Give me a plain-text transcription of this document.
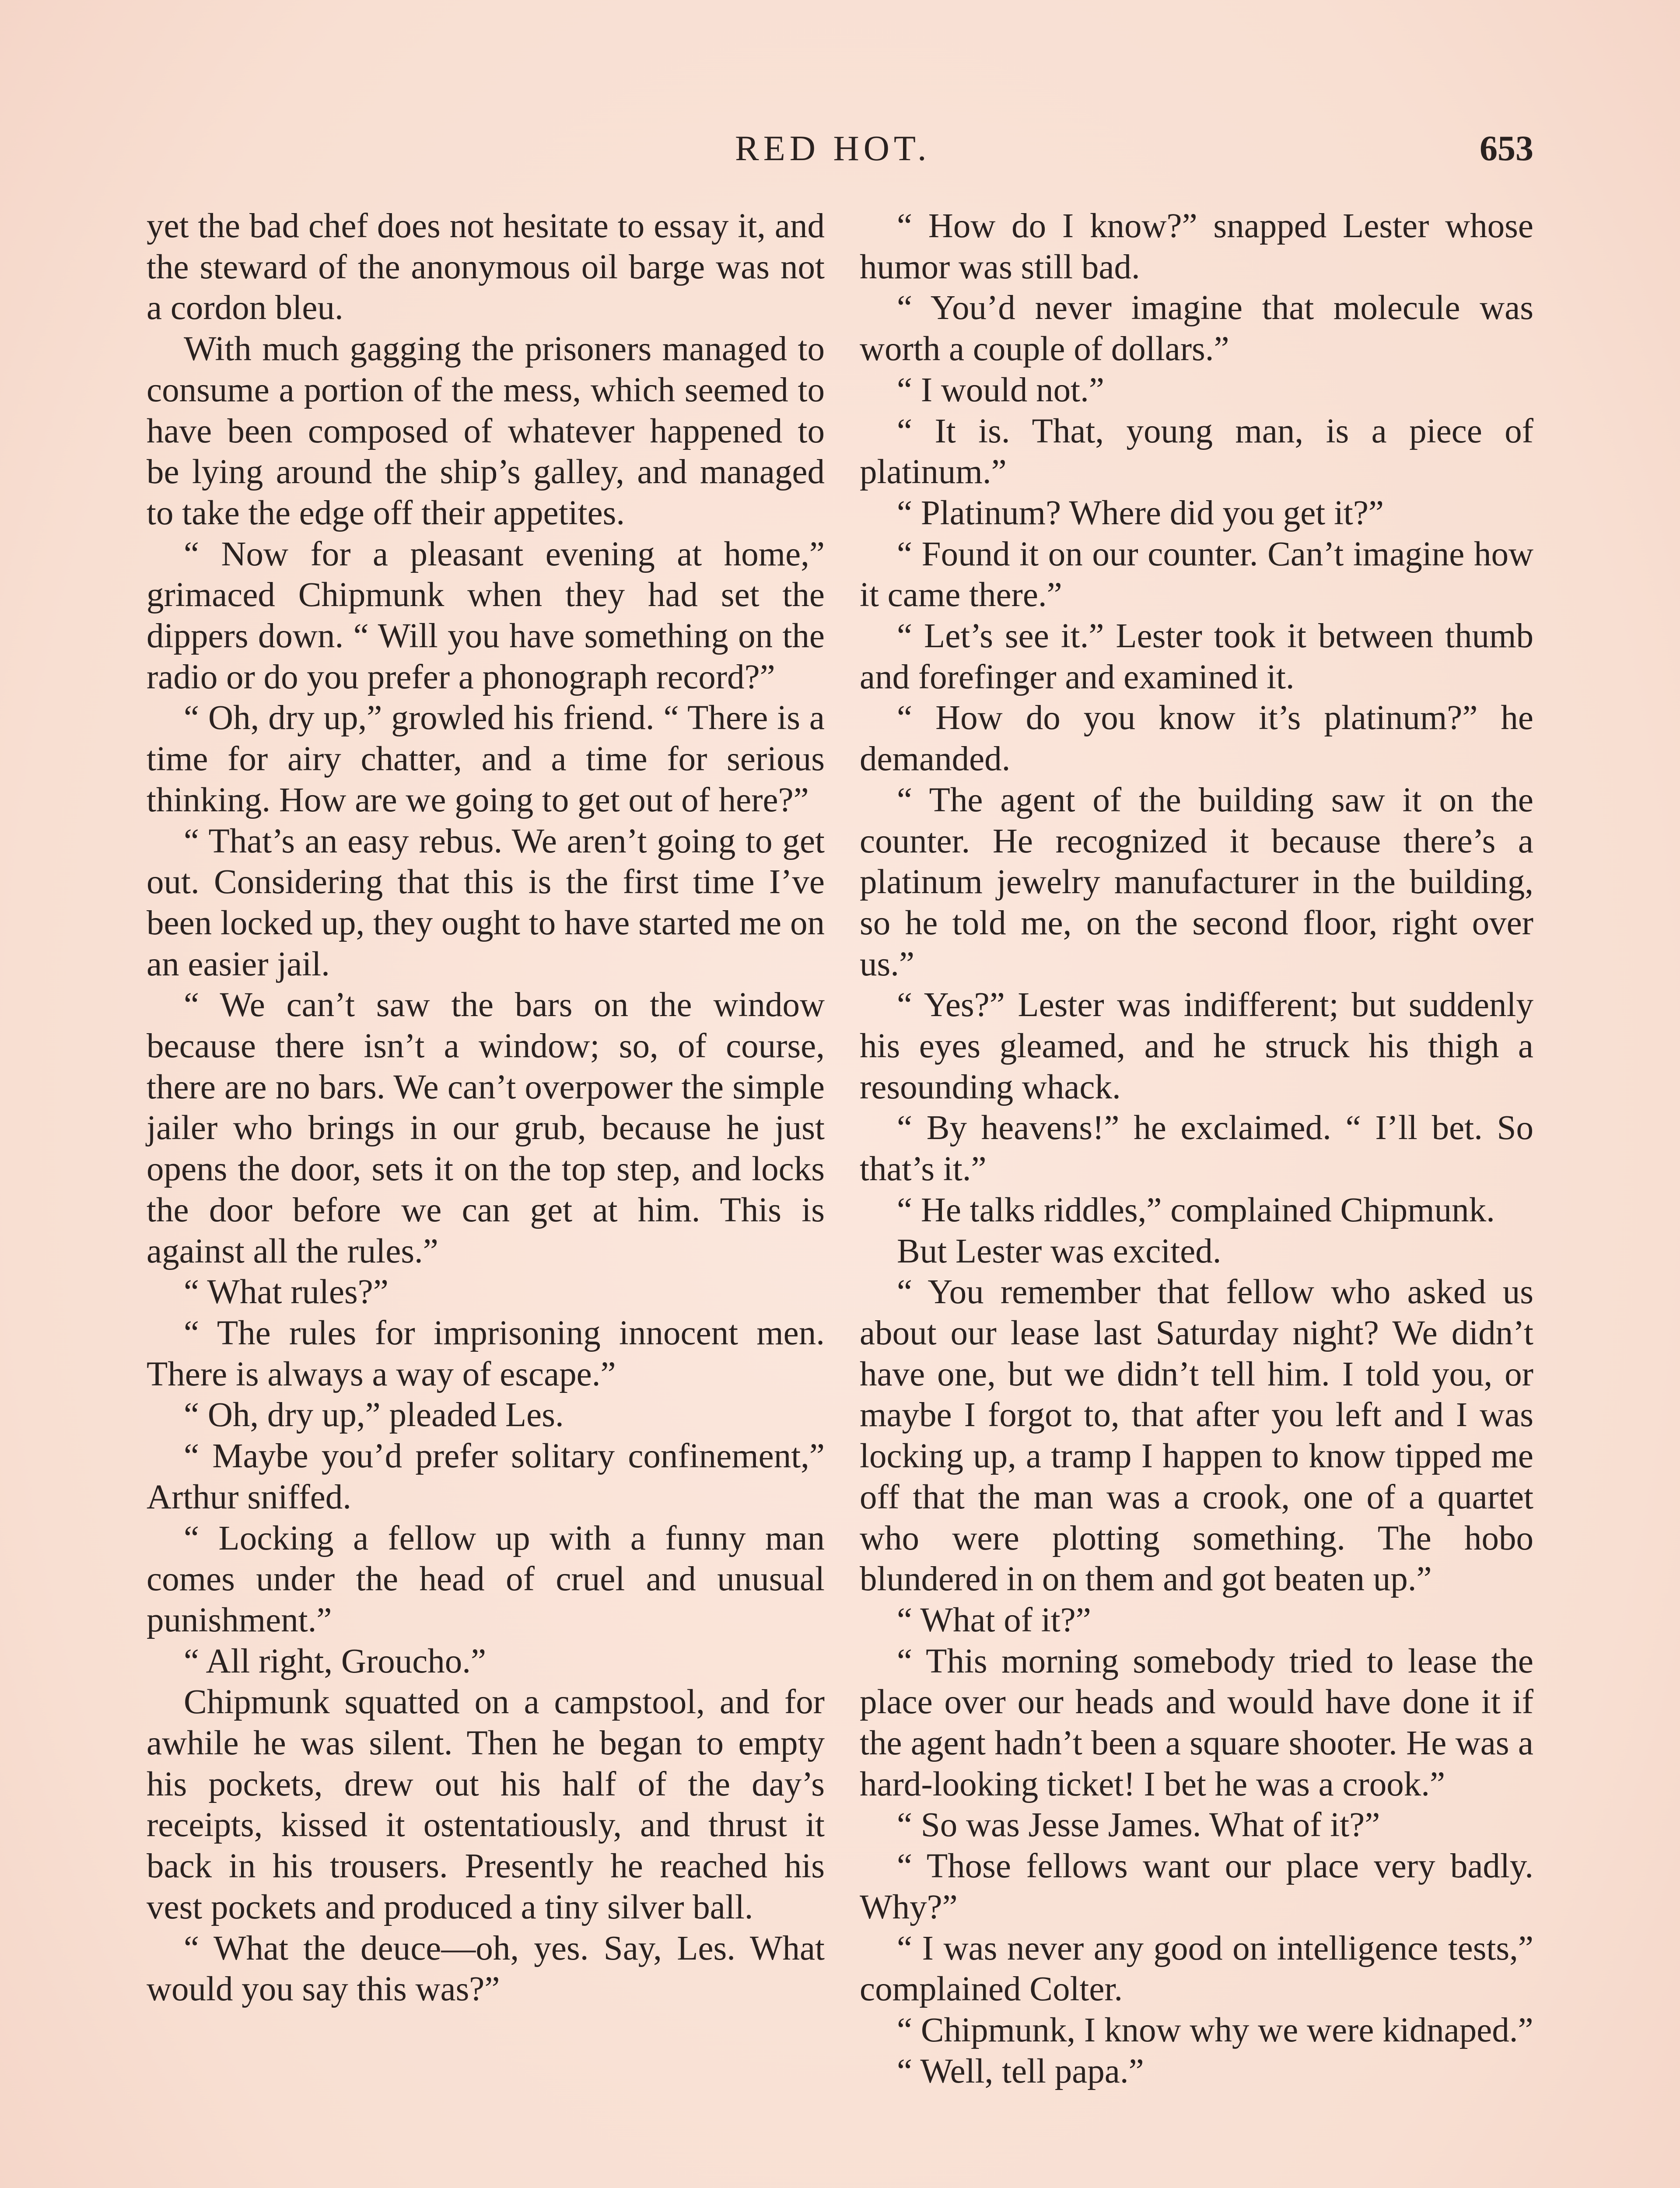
RED HOT.	653

yet the bad chef does not hesitate to essay it, and the steward of the anonymous oil barge was not a cordon bleu.

With much gagging the prisoners managed to consume a portion of the mess, which seemed to have been composed of whatever happened to be lying around the ship’s galley, and managed to take the edge off their appetites.

“ Now for a pleasant evening at home,” grimaced Chipmunk when they had set the dippers down. “ Will you have something on the radio or do you prefer a phonograph record?”

“ Oh, dry up,” growled his friend. “ There is a time for airy chatter, and a time for serious thinking. How are we going to get out of here?”

“ That’s an easy rebus. We aren’t going to get out. Considering that this is the first time I’ve been locked up, they ought to have started me on an easier jail.

“ We can’t saw the bars on the window because there isn’t a window; so, of course, there are no bars. We can’t overpower the simple jailer who brings in our grub, because he just opens the door, sets it on the top step, and locks the door before we can get at him. This is against all the rules.”

“ What rules?”

“ The rules for imprisoning innocent men. There is always a way of escape.”

“ Oh, dry up,” pleaded Les.

“ Maybe you’d prefer solitary confinement,” Arthur sniffed.

“ Locking a fellow up with a funny man comes under the head of cruel and unusual punishment.”

“ All right, Groucho.”

Chipmunk squatted on a campstool, and for awhile he was silent. Then he began to empty his pockets, drew out his half of the day’s receipts, kissed it ostentatiously, and thrust it back in his trousers. Presently he reached his vest pockets and produced a tiny silver ball.

“ What the deuce—oh, yes. Say, Les. What would you say this was?”

“ How do I know?” snapped Lester whose humor was still bad.

“ You’d never imagine that molecule was worth a couple of dollars.”

“ I would not.”

“ It is. That, young man, is a piece of platinum.”

“ Platinum? Where did you get it?”

“ Found it on our counter. Can’t imagine how it came there.”

“ Let’s see it.” Lester took it between thumb and forefinger and examined it.

“ How do you know it’s platinum?” he demanded.

“ The agent of the building saw it on the counter. He recognized it because there’s a platinum jewelry manufacturer in the building, so he told me, on the second floor, right over us.”

“ Yes?” Lester was indifferent; but suddenly his eyes gleamed, and he struck his thigh a resounding whack.

“ By heavens!” he exclaimed. “ I’ll bet. So that’s it.”

“ He talks riddles,” complained Chipmunk.

But Lester was excited.

“ You remember that fellow who asked us about our lease last Saturday night? We didn’t have one, but we didn’t tell him. I told you, or maybe I forgot to, that after you left and I was locking up, a tramp I happen to know tipped me off that the man was a crook, one of a quartet who were plotting something. The hobo blundered in on them and got beaten up.”

“ What of it?”

“ This morning somebody tried to lease the place over our heads and would have done it if the agent hadn’t been a square shooter. He was a hard-looking ticket! I bet he was a crook.”

“ So was Jesse James. What of it?”

“ Those fellows want our place very badly. Why?”

“ I was never any good on intelligence tests,” complained Colter.

“ Chipmunk, I know why we were kidnaped.”

“ Well, tell papa.”
